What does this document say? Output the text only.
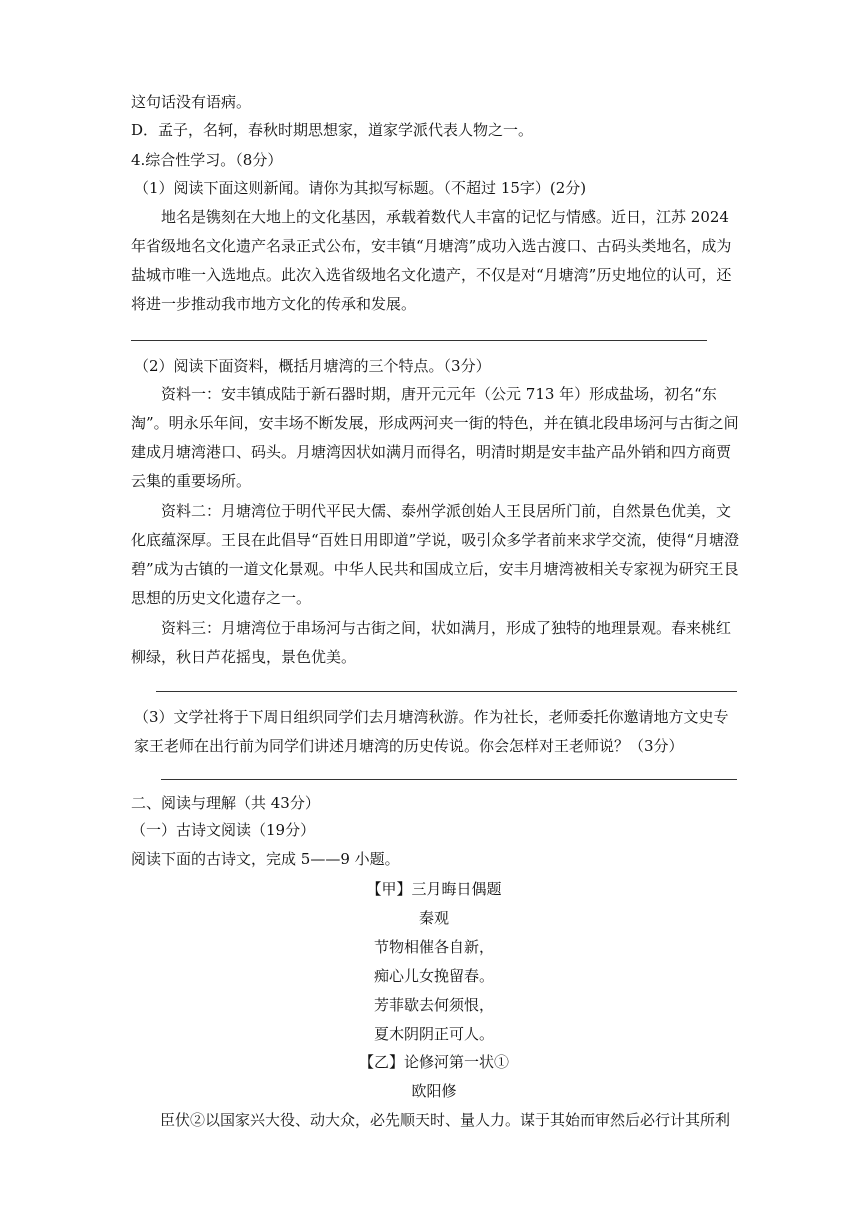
这句话没有语病。
D．孟子，名轲，春秋时期思想家，道家学派代表人物之一。
4.综合性学习。（8分）
（1）阅读下面这则新闻。请你为其拟写标题。（不超过 15字）(2分)
地名是镌刻在大地上的文化基因，承载着数代人丰富的记忆与情感。近日，江苏 2024年省级地名文化遗产名录正式公布，安丰镇“月塘湾”成功入选古渡口、古码头类地名，成为盐城市唯一入选地点。此次入选省级地名文化遗产，不仅是对“月塘湾”历史地位的认可，还将进一步推动我市地方文化的传承和发展。
（2）阅读下面资料，概括月塘湾的三个特点。（3分）
资料一：安丰镇成陆于新石器时期，唐开元元年（公元 713 年）形成盐场，初名“东淘”。明永乐年间，安丰场不断发展，形成两河夹一街的特色，并在镇北段串场河与古街之间建成月塘湾港口、码头。月塘湾因状如满月而得名，明清时期是安丰盐产品外销和四方商贾云集的重要场所。
资料二：月塘湾位于明代平民大儒、泰州学派创始人王艮居所门前，自然景色优美，文化底蕴深厚。王艮在此倡导“百姓日用即道”学说，吸引众多学者前来求学交流，使得“月塘澄碧”成为古镇的一道文化景观。中华人民共和国成立后，安丰月塘湾被相关专家视为研究王艮思想的历史文化遗存之一。
资料三：月塘湾位于串场河与古街之间，状如满月，形成了独特的地理景观。春来桃红柳绿，秋日芦花摇曳，景色优美。
（3）文学社将于下周日组织同学们去月塘湾秋游。作为社长，老师委托你邀请地方文史专家王老师在出行前为同学们讲述月塘湾的历史传说。你会怎样对王老师说？（3分）
二、阅读与理解（共 43分）
（一）古诗文阅读（19分）
阅读下面的古诗文，完成 5——9 小题。
【甲】三月晦日偶题
秦观
节物相催各自新，
痴心儿女挽留春。
芳菲歇去何须恨，
夏木阴阴正可人。
【乙】论修河第一状①
欧阳修
臣伏②以国家兴大役、动大众，必先顺天时、量人力。谋于其始而审然后必行计其所利
